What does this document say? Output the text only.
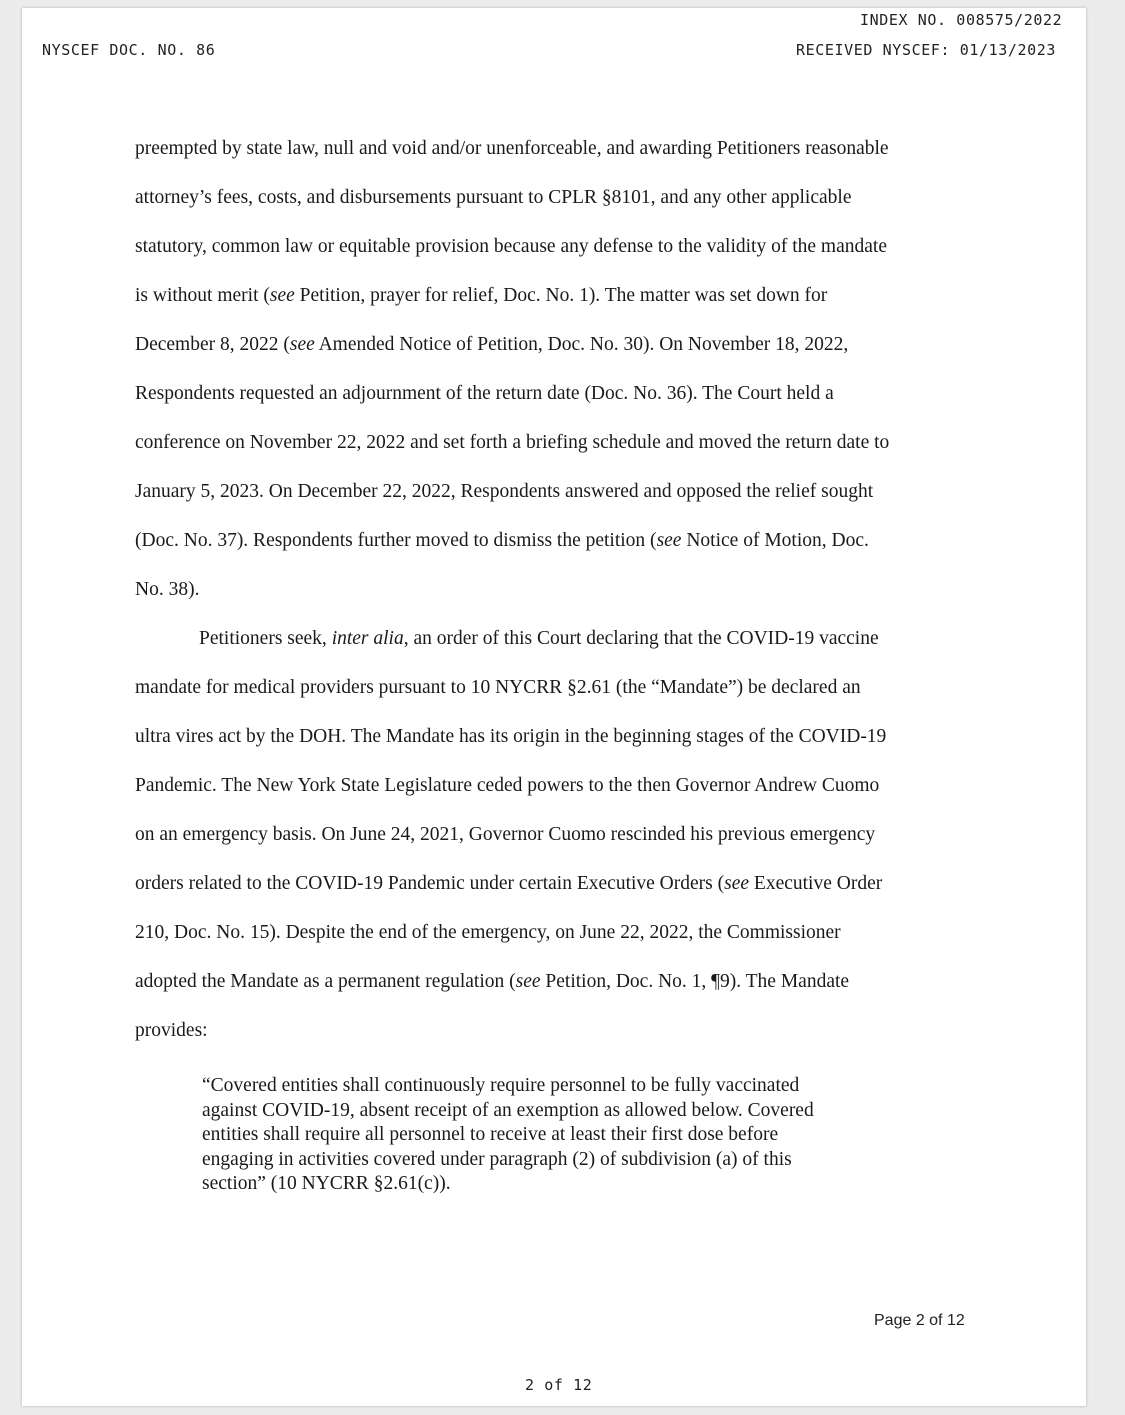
INDEX NO. 008575/2022
NYSCEF DOC. NO. 86	RECEIVED NYSCEF: 01/13/2023
preempted by state law, null and void and/or unenforceable, and awarding Petitioners reasonable
attorney’s fees, costs, and disbursements pursuant to CPLR §8101, and any other applicable
statutory, common law or equitable provision because any defense to the validity of the mandate
is without merit (see Petition, prayer for relief, Doc. No. 1). The matter was set down for
December 8, 2022 (see Amended Notice of Petition, Doc. No. 30). On November 18, 2022,
Respondents requested an adjournment of the return date (Doc. No. 36). The Court held a
conference on November 22, 2022 and set forth a briefing schedule and moved the return date to
January 5, 2023. On December 22, 2022, Respondents answered and opposed the relief sought
(Doc. No. 37). Respondents further moved to dismiss the petition (see Notice of Motion, Doc.
No. 38).
Petitioners seek, inter alia, an order of this Court declaring that the COVID-19 vaccine
mandate for medical providers pursuant to 10 NYCRR §2.61 (the “Mandate”) be declared an
ultra vires act by the DOH. The Mandate has its origin in the beginning stages of the COVID-19
Pandemic. The New York State Legislature ceded powers to the then Governor Andrew Cuomo
on an emergency basis. On June 24, 2021, Governor Cuomo rescinded his previous emergency
orders related to the COVID-19 Pandemic under certain Executive Orders (see Executive Order
210, Doc. No. 15). Despite the end of the emergency, on June 22, 2022, the Commissioner
adopted the Mandate as a permanent regulation (see Petition, Doc. No. 1, ¶9). The Mandate
provides:
“Covered entities shall continuously require personnel to be fully vaccinated
against COVID-19, absent receipt of an exemption as allowed below. Covered
entities shall require all personnel to receive at least their first dose before
engaging in activities covered under paragraph (2) of subdivision (a) of this
section” (10 NYCRR §2.61(c)).
Page 2 of 12
2 of 12
